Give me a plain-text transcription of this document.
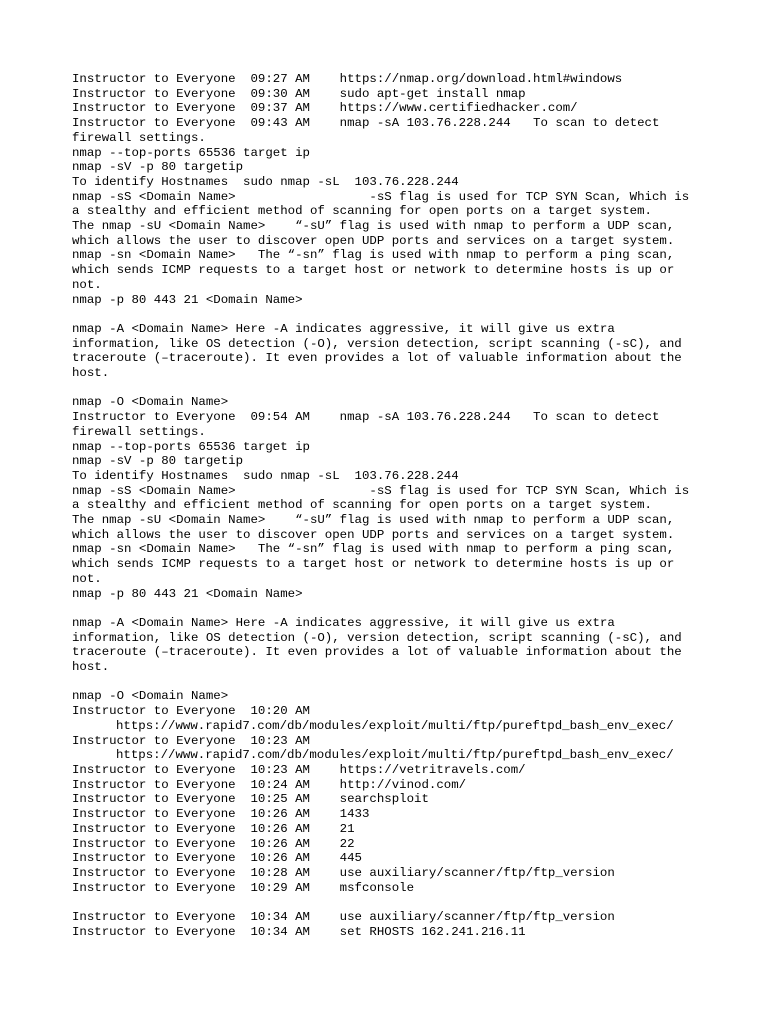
Instructor to Everyone  09:27 AM    https://nmap.org/download.html#windows
Instructor to Everyone  09:30 AM    sudo apt-get install nmap
Instructor to Everyone  09:37 AM    https://www.certifiedhacker.com/
Instructor to Everyone  09:43 AM    nmap -sA 103.76.228.244   To scan to detect
firewall settings.
nmap --top-ports 65536 target ip
nmap -sV -p 80 targetip
To identify Hostnames  sudo nmap -sL  103.76.228.244
nmap -sS <Domain Name>                  -sS flag is used for TCP SYN Scan, Which is
a stealthy and efficient method of scanning for open ports on a target system.
The nmap -sU <Domain Name>    “-sU” flag is used with nmap to perform a UDP scan,
which allows the user to discover open UDP ports and services on a target system.
nmap -sn <Domain Name>   The “-sn” flag is used with nmap to perform a ping scan,
which sends ICMP requests to a target host or network to determine hosts is up or
not.
nmap -p 80 443 21 <Domain Name>
nmap -A <Domain Name> Here -A indicates aggressive, it will give us extra
information, like OS detection (-O), version detection, script scanning (-sC), and
traceroute (–traceroute). It even provides a lot of valuable information about the
host.
nmap -O <Domain Name>
Instructor to Everyone  09:54 AM    nmap -sA 103.76.228.244   To scan to detect
firewall settings.
nmap --top-ports 65536 target ip
nmap -sV -p 80 targetip
To identify Hostnames  sudo nmap -sL  103.76.228.244
nmap -sS <Domain Name>                  -sS flag is used for TCP SYN Scan, Which is
a stealthy and efficient method of scanning for open ports on a target system.
The nmap -sU <Domain Name>    “-sU” flag is used with nmap to perform a UDP scan,
which allows the user to discover open UDP ports and services on a target system.
nmap -sn <Domain Name>   The “-sn” flag is used with nmap to perform a ping scan,
which sends ICMP requests to a target host or network to determine hosts is up or
not.
nmap -p 80 443 21 <Domain Name>
nmap -A <Domain Name> Here -A indicates aggressive, it will give us extra
information, like OS detection (-O), version detection, script scanning (-sC), and
traceroute (–traceroute). It even provides a lot of valuable information about the
host.
nmap -O <Domain Name>
Instructor to Everyone  10:20 AM
https://www.rapid7.com/db/modules/exploit/multi/ftp/pureftpd_bash_env_exec/
Instructor to Everyone  10:23 AM
https://www.rapid7.com/db/modules/exploit/multi/ftp/pureftpd_bash_env_exec/
Instructor to Everyone  10:23 AM    https://vetritravels.com/
Instructor to Everyone  10:24 AM    http://vinod.com/
Instructor to Everyone  10:25 AM    searchsploit
Instructor to Everyone  10:26 AM    1433
Instructor to Everyone  10:26 AM    21
Instructor to Everyone  10:26 AM    22
Instructor to Everyone  10:26 AM    445
Instructor to Everyone  10:28 AM    use auxiliary/scanner/ftp/ftp_version
Instructor to Everyone  10:29 AM    msfconsole
Instructor to Everyone  10:34 AM    use auxiliary/scanner/ftp/ftp_version
Instructor to Everyone  10:34 AM    set RHOSTS 162.241.216.11
